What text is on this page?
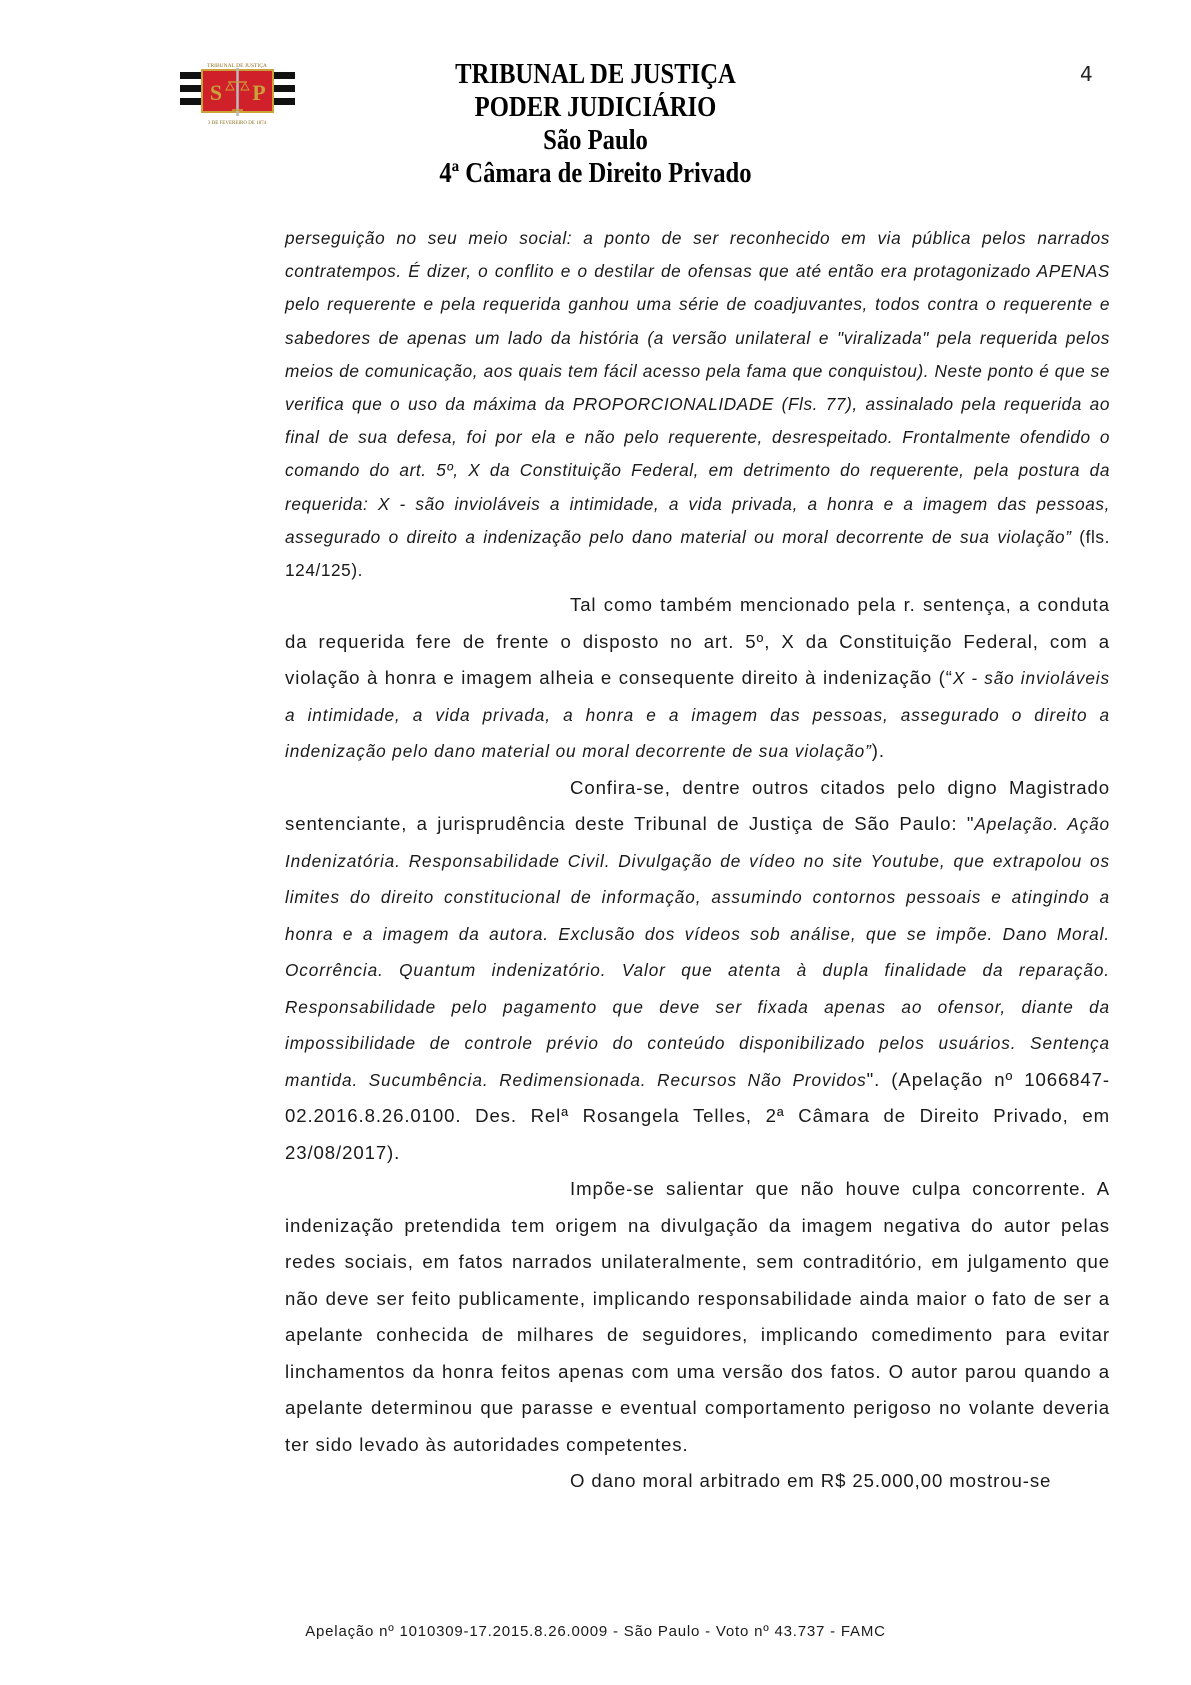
TRIBUNAL DE JUSTIÇA
S P
3 DE FEVEREIRO DE 1874
TRIBUNAL DE JUSTIÇA
PODER JUDICIÁRIO
São Paulo
4ª Câmara de Direito Privado
4

perseguição no seu meio social: a ponto de ser reconhecido em via pública pelos narrados contratempos. É dizer, o conflito e o destilar de ofensas que até então era protagonizado APENAS pelo requerente e pela requerida ganhou uma série de coadjuvantes, todos contra o requerente e sabedores de apenas um lado da história (a versão unilateral e "viralizada" pela requerida pelos meios de comunicação, aos quais tem fácil acesso pela fama que conquistou). Neste ponto é que se verifica que o uso da máxima da PROPORCIONALIDADE (Fls. 77), assinalado pela requerida ao final de sua defesa, foi por ela e não pelo requerente, desrespeitado. Frontalmente ofendido o comando do art. 5º, X da Constituição Federal, em detrimento do requerente, pela postura da requerida: X - são invioláveis a intimidade, a vida privada, a honra e a imagem das pessoas, assegurado o direito a indenização pelo dano material ou moral decorrente de sua violação” (fls. 124/125).

Tal como também mencionado pela r. sentença, a conduta da requerida fere de frente o disposto no art. 5º, X da Constituição Federal, com a violação à honra e imagem alheia e consequente direito à indenização (“X - são invioláveis a intimidade, a vida privada, a honra e a imagem das pessoas, assegurado o direito a indenização pelo dano material ou moral decorrente de sua violação”).

Confira-se, dentre outros citados pelo digno Magistrado sentenciante, a jurisprudência deste Tribunal de Justiça de São Paulo: "Apelação. Ação Indenizatória. Responsabilidade Civil. Divulgação de vídeo no site Youtube, que extrapolou os limites do direito constitucional de informação, assumindo contornos pessoais e atingindo a honra e a imagem da autora. Exclusão dos vídeos sob análise, que se impõe. Dano Moral. Ocorrência. Quantum indenizatório. Valor que atenta à dupla finalidade da reparação. Responsabilidade pelo pagamento que deve ser fixada apenas ao ofensor, diante da impossibilidade de controle prévio do conteúdo disponibilizado pelos usuários. Sentença mantida. Sucumbência. Redimensionada. Recursos Não Providos". (Apelação nº 1066847-02.2016.8.26.0100. Des. Relª Rosangela Telles, 2ª Câmara de Direito Privado, em 23/08/2017).

Impõe-se salientar que não houve culpa concorrente. A indenização pretendida tem origem na divulgação da imagem negativa do autor pelas redes sociais, em fatos narrados unilateralmente, sem contraditório, em julgamento que não deve ser feito publicamente, implicando responsabilidade ainda maior o fato de ser a apelante conhecida de milhares de seguidores, implicando comedimento para evitar linchamentos da honra feitos apenas com uma versão dos fatos. O autor parou quando a apelante determinou que parasse e eventual comportamento perigoso no volante deveria ter sido levado às autoridades competentes.

O dano moral arbitrado em R$ 25.000,00 mostrou-se

Apelação nº 1010309-17.2015.8.26.0009 - São Paulo - Voto nº 43.737 - FAMC
